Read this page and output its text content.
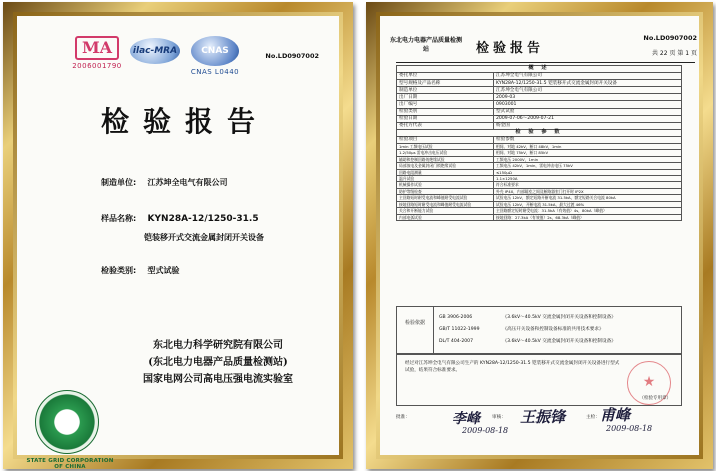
MA
2006001790
ilac-MRA	CNAS
CNAS L0440
No.LD0907002
检验报告
制造单位: 江苏坤全电气有限公司
样品名称: KYN28A-12/1250-31.5
铠装移开式交流金属封闭开关设备
检验类别: 型式试验
东北电力科学研究院有限公司
(东北电力电器产品质量检测站)
国家电网公司高电压强电流实验室
STATE GRID CORPORATION OF CHINA
东北电力电器产品质量检测站	检验报告
No.LD0907002
共 22 页 第 1 页
概 述	
委托单位	江苏坤全电气有限公司
型号规格及产品名称	KYN28A-12/1250-31.5 铠装移开式交流金属封闭开关设备
制造单位	江苏坤全电气有限公司
出厂日期	2009-03
出厂编号	0903001
检验类别	型式试验
检验日期	2009-07-06～2009-07-21
委托方代表	杨金国
检 验 参 数	
检验项目	检验参数
1min 工频电压试验	相间、对地 42kV，断口 48kV，1min
1.2/50μs 雷电冲击电压试验	相间、对地 75kV，断口 85kV
辅助和控制回路的绝缘试验	工频电压 2000V，1min
局部放电及金属封闭门锁绝缘试验	工频电压 42kV，1min，雷电冲击电压 75kV
回路电阻测量	≤150μΩ
温升试验	1.1×1250A
机械操作试验	符合标准要求
防护等级检查	外壳 IP4X，内部隔室之间及断路器室门打开时 IP2X
主回路短时耐受电流和峰值耐受电流试验	试验电压 12kV，额定短路开断电流 31.5kA，额定短路关合电流 80kA
接地回路短时耐受电流和峰值耐受电流试验	试验电压 12kV，开断电流 31.5kA，最大过渡 46%
关合和开断能力试验	主回路额定短时耐受电流：31.5kA（有效值）4s，80kA（峰值）
内部电弧试验	接地回路：27.3kA（有效值）2s，68.3kA（峰值）
检验依据
GB 3906-2006	《3.6kV～40.5kV 交流金属封闭开关设备和控制设备》
GB/T 11022-1999	《高压开关设备和控制设备标准的共用技术要求》
DL/T 404-2007	《3.6kV～40.5kV 交流金属封闭开关设备和控制设备》
经过对江苏坤全电气有限公司生产的 KYN28A-12/1250-31.5 铠装移开式交流金属封闭开关设备进行型式试验，结果符合标准要求。
★
（检验专用章）
批准：	审核：	主检：
李峰	王振锋 甫峰
2009-08-18	2009-08-18
